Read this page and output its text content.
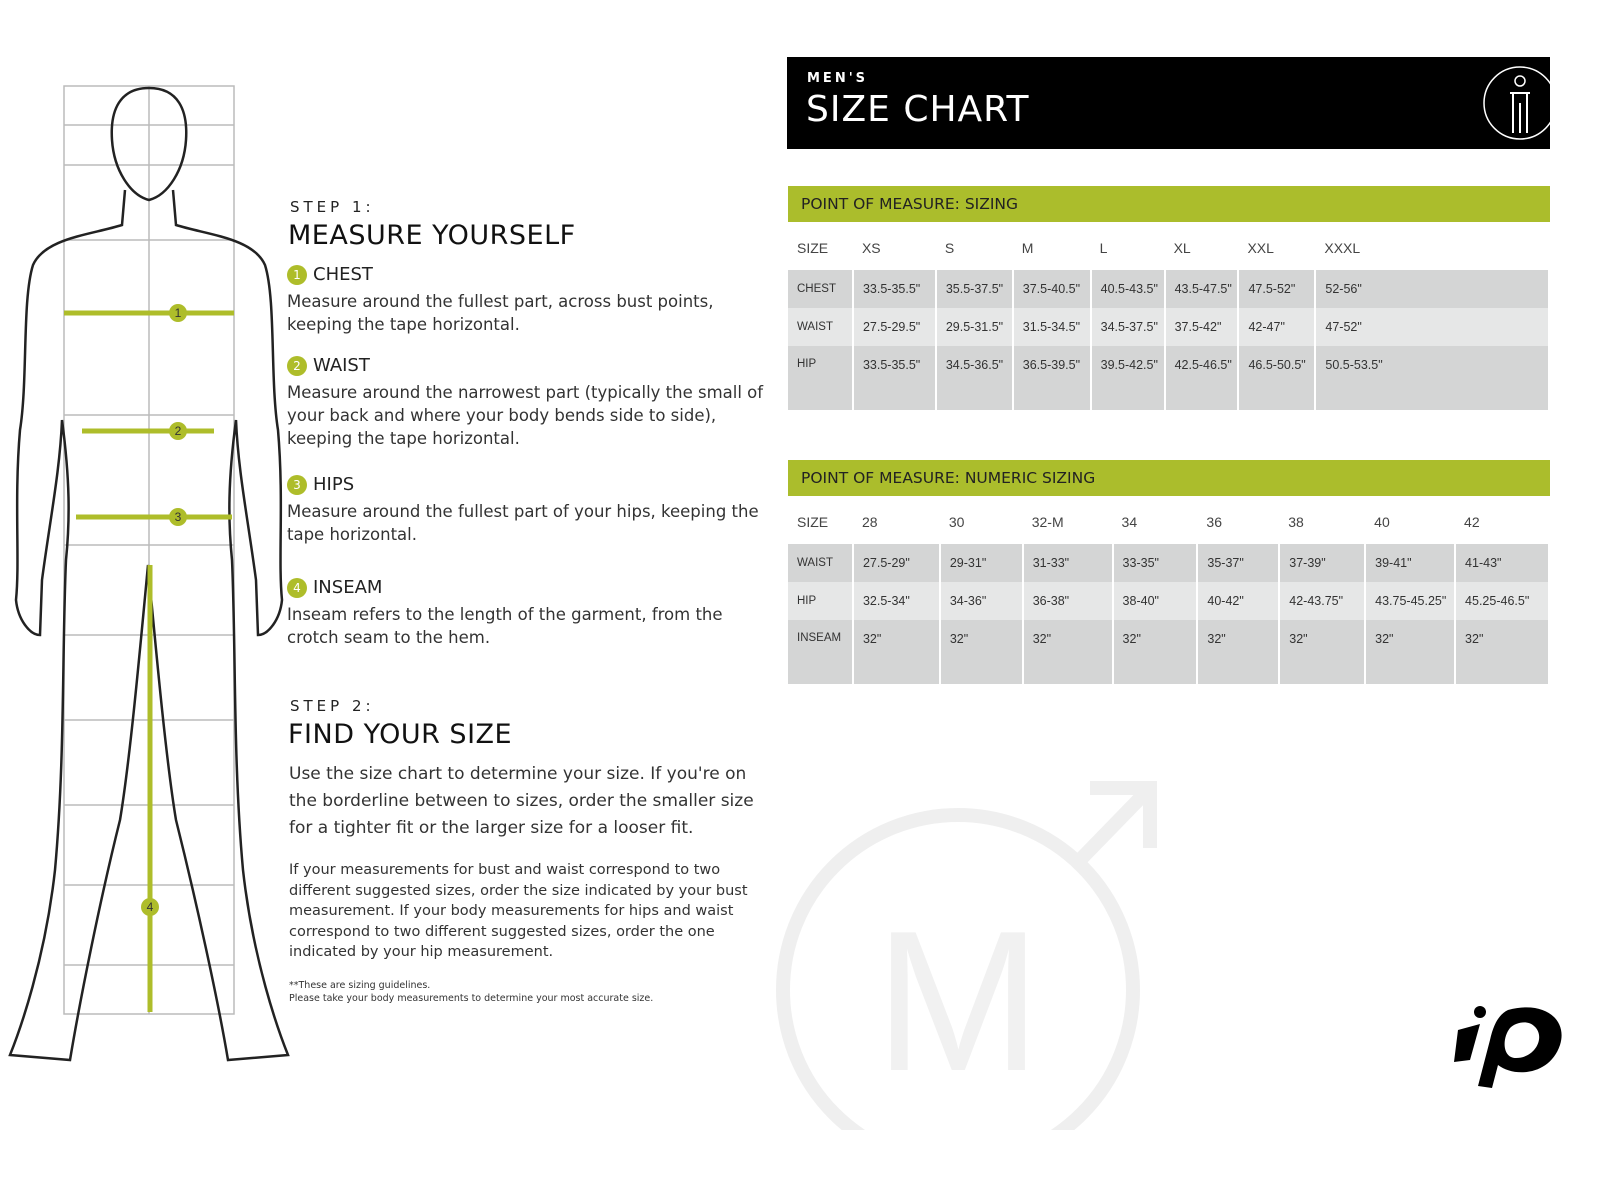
1
2
3
4
STEP 1:
MEASURE YOURSELF
1 CHEST
Measure around the fullest part, across bust points, keeping the tape horizontal.
2 WAIST
Measure around the narrowest part (typically the small of your back and where your body bends side to side), keeping the tape horizontal.
3 HIPS
Measure around the fullest part of your hips, keeping the tape horizontal.
4 INSEAM
Inseam refers to the length of the garment, from the crotch seam to the hem.
STEP 2:
FIND YOUR SIZE
Use the size chart to determine your size. If you're on the borderline between to sizes, order the smaller size for a tighter fit or the larger size for a looser fit.
If your measurements for bust and waist correspond to two different suggested sizes, order the size indicated by your bust measurement. If your body measurements for hips and waist correspond to two different suggested sizes, order the one indicated by your hip measurement.
**These are sizing guidelines.
Please take your body measurements to determine your most accurate size.
MEN'S
SIZE CHART
POINT OF MEASURE: SIZING
SIZE	XS	S	M	L	XL	XXL	XXXL
CHEST	33.5-35.5"	35.5-37.5"	37.5-40.5"	40.5-43.5"	43.5-47.5"	47.5-52"	52-56"
WAIST	27.5-29.5"	29.5-31.5"	31.5-34.5"	34.5-37.5"	37.5-42"	42-47"	47-52"
HIP	33.5-35.5"	34.5-36.5"	36.5-39.5"	39.5-42.5"	42.5-46.5"	46.5-50.5"	50.5-53.5"
POINT OF MEASURE: NUMERIC SIZING
SIZE	28	30	32-M	34	36	38	40	42
WAIST	27.5-29"	29-31"	31-33"	33-35"	35-37"	37-39"	39-41"	41-43"
HIP	32.5-34"	34-36"	36-38"	38-40"	40-42"	42-43.75"	43.75-45.25"	45.25-46.5"
INSEAM	32"	32"	32"	32"	32"	32"	32"	32"
M
